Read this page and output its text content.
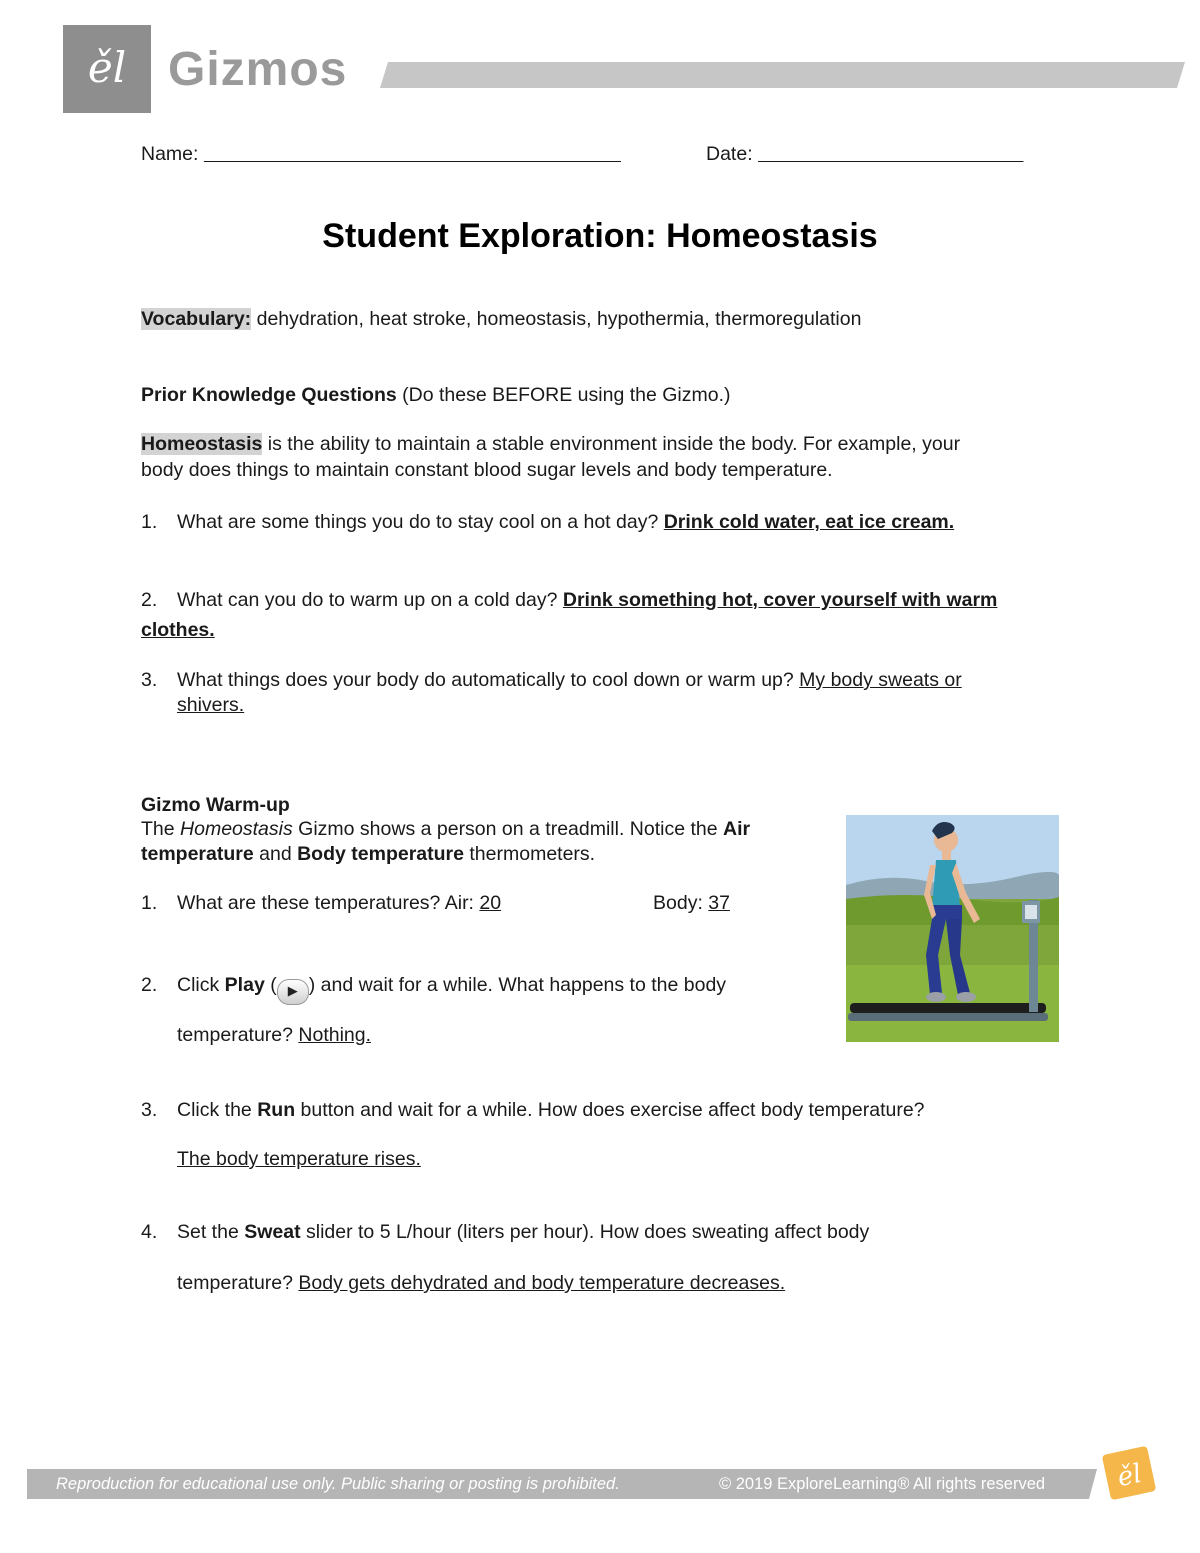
ěl Gizmos
Name:	Date:
Student Exploration: Homeostasis
Vocabulary: dehydration, heat stroke, homeostasis, hypothermia, thermoregulation
Prior Knowledge Questions (Do these BEFORE using the Gizmo.)
Homeostasis is the ability to maintain a stable environment inside the body. For example, your
body does things to maintain constant blood sugar levels and body temperature.
1. What are some things you do to stay cool on a hot day? Drink cold water, eat ice cream.
2. What can you do to warm up on a cold day? Drink something hot, cover yourself with warm
clothes.
3. What things does your body do automatically to cool down or warm up? My body sweats or
shivers.
Gizmo Warm-up
The Homeostasis Gizmo shows a person on a treadmill. Notice the Air
temperature and Body temperature thermometers.
1. What are these temperatures? Air: 20	Body: 37
2. Click Play ( ▶ ) and wait for a while. What happens to the body
temperature? Nothing.
3. Click the Run button and wait for a while. How does exercise affect body temperature?
The body temperature rises.
4. Set the Sweat slider to 5 L/hour (liters per hour). How does sweating affect body
temperature? Body gets dehydrated and body temperature decreases.
Reproduction for educational use only. Public sharing or posting is prohibited.	© 2019 ExploreLearning® All rights reserved	ěl
